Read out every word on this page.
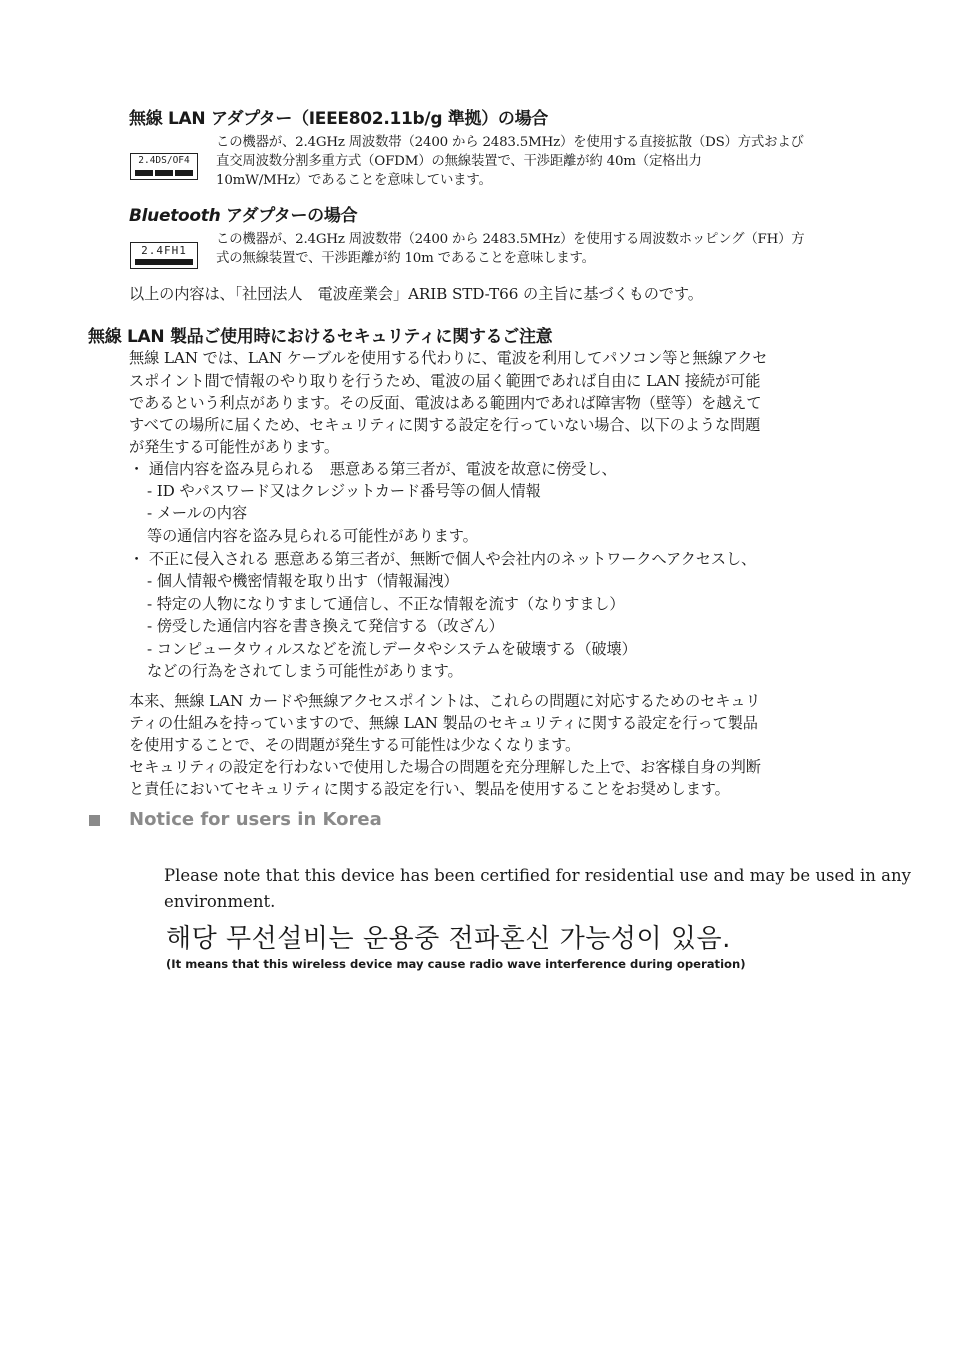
無線 LAN アダプター（IEEE802.11b/g 準拠）の場合
2.4DS/OF4
この機器が、2.4GHz 周波数帯（2400 から 2483.5MHz）を使用する直接拡散（DS）方式および
直交周波数分割多重方式（OFDM）の無線装置で、干渉距離が約 40m（定格出力
10mW/MHz）であることを意味しています。
Bluetooth アダプターの場合
2.4FH1
この機器が、2.4GHz 周波数帯（2400 から 2483.5MHz）を使用する周波数ホッピング（FH）方
式の無線装置で、干渉距離が約 10m であることを意味します。
以上の内容は、「社団法人　電波産業会」ARIB STD-T66 の主旨に基づくものです。
無線 LAN 製品ご使用時におけるセキュリティに関するご注意
無線 LAN では、LAN ケーブルを使用する代わりに、電波を利用してパソコン等と無線アクセ
スポイント間で情報のやり取りを行うため、電波の届く範囲であれば自由に LAN 接続が可能
であるという利点があります。その反面、電波はある範囲内であれば障害物（壁等）を越えて
すべての場所に届くため、セキュリティに関する設定を行っていない場合、以下のような問題
が発生する可能性があります。
・ 通信内容を盗み見られる　悪意ある第三者が、電波を故意に傍受し、
- ID やパスワード又はクレジットカード番号等の個人情報
- メールの内容
等の通信内容を盗み見られる可能性があります。
・ 不正に侵入される 悪意ある第三者が、無断で個人や会社内のネットワークへアクセスし、
- 個人情報や機密情報を取り出す（情報漏洩）
- 特定の人物になりすまして通信し、不正な情報を流す（なりすまし）
- 傍受した通信内容を書き換えて発信する（改ざん）
- コンピュータウィルスなどを流しデータやシステムを破壊する（破壊）
などの行為をされてしまう可能性があります。
本来、無線 LAN カードや無線アクセスポイントは、これらの問題に対応するためのセキュリ
ティの仕組みを持っていますので、無線 LAN 製品のセキュリティに関する設定を行って製品
を使用することで、その問題が発生する可能性は少なくなります。
セキュリティの設定を行わないで使用した場合の問題を充分理解した上で、お客様自身の判断
と責任においてセキュリティに関する設定を行い、製品を使用することをお奨めします。
Notice for users in Korea
Please note that this device has been certified for residential use and may be used in any
environment.
해당 무선설비는 운용중 전파혼신 가능성이 있음.
(It means that this wireless device may cause radio wave interference during operation)
